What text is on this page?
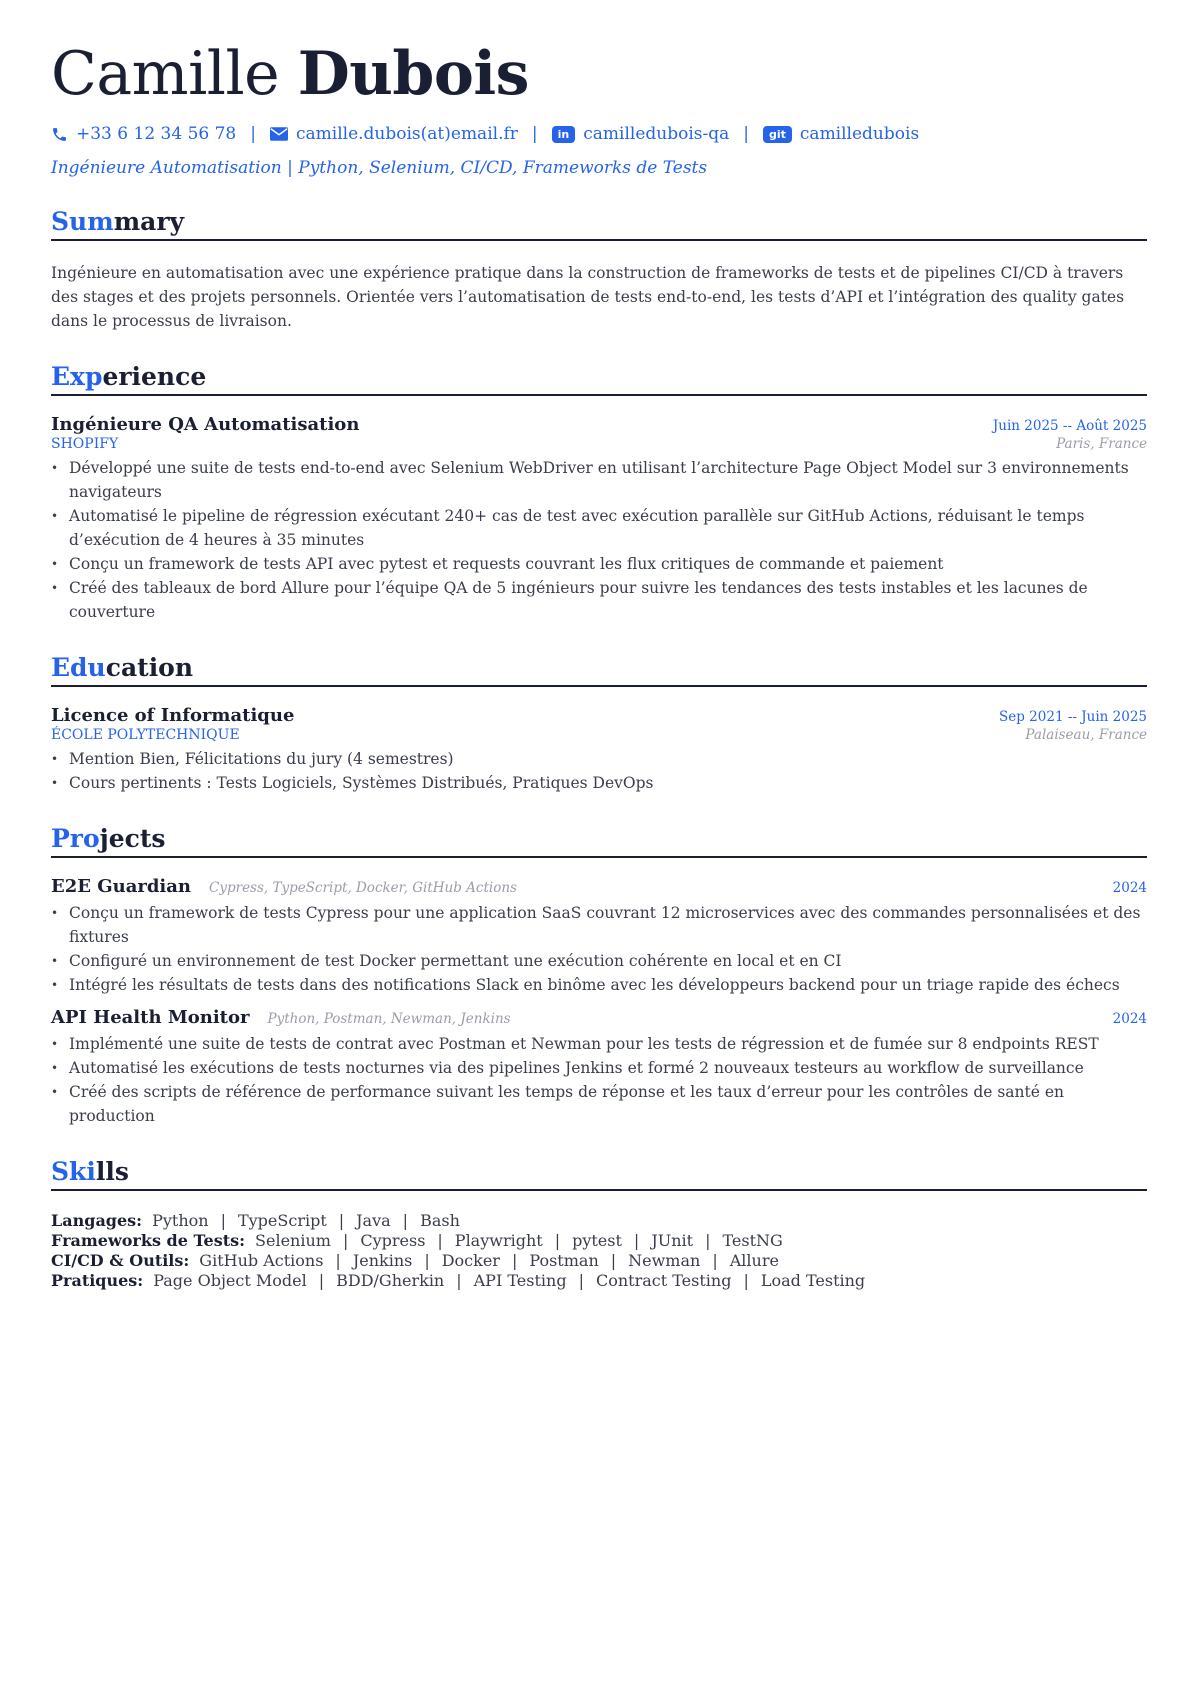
Camille Dubois
+33 6 12 34 56 78 | camille.dubois(at)email.fr |	in camilledubois-qa |	git camilledubois
Ingénieure Automatisation | Python, Selenium, CI/CD, Frameworks de Tests
Summary
Ingénieure en automatisation avec une expérience pratique dans la construction de frameworks de tests et de pipelines CI/CD à travers des stages et des projets personnels. Orientée vers l’automatisation de tests end-to-end, les tests d’API et l’intégration des quality gates dans le processus de livraison.
Experience
Ingénieure QA Automatisation	Juin 2025 -- Août 2025
SHOPIFY	Paris, France
• Développé une suite de tests end-to-end avec Selenium WebDriver en utilisant l’architecture Page Object Model sur 3 environnements navigateurs
• Automatisé le pipeline de régression exécutant 240+ cas de test avec exécution parallèle sur GitHub Actions, réduisant le temps d’exécution de 4 heures à 35 minutes
• Conçu un framework de tests API avec pytest et requests couvrant les flux critiques de commande et paiement
• Créé des tableaux de bord Allure pour l’équipe QA de 5 ingénieurs pour suivre les tendances des tests instables et les lacunes de couverture
Education
Licence of Informatique	Sep 2021 -- Juin 2025
ÉCOLE POLYTECHNIQUE	Palaiseau, France
• Mention Bien, Félicitations du jury (4 semestres)
• Cours pertinents : Tests Logiciels, Systèmes Distribués, Pratiques DevOps
Projects
E2E Guardian Cypress, TypeScript, Docker, GitHub Actions	2024
• Conçu un framework de tests Cypress pour une application SaaS couvrant 12 microservices avec des commandes personnalisées et des fixtures
• Configuré un environnement de test Docker permettant une exécution cohérente en local et en CI
• Intégré les résultats de tests dans des notifications Slack en binôme avec les développeurs backend pour un triage rapide des échecs
API Health Monitor Python, Postman, Newman, Jenkins	2024
• Implémenté une suite de tests de contrat avec Postman et Newman pour les tests de régression et de fumée sur 8 endpoints REST
• Automatisé les exécutions de tests nocturnes via des pipelines Jenkins et formé 2 nouveaux testeurs au workflow de surveillance
• Créé des scripts de référence de performance suivant les temps de réponse et les taux d’erreur pour les contrôles de santé en production
Skills
Langages: Python | TypeScript | Java | Bash
Frameworks de Tests: Selenium | Cypress | Playwright | pytest | JUnit | TestNG
CI/CD & Outils: GitHub Actions | Jenkins | Docker | Postman | Newman | Allure
Pratiques: Page Object Model | BDD/Gherkin | API Testing | Contract Testing | Load Testing
